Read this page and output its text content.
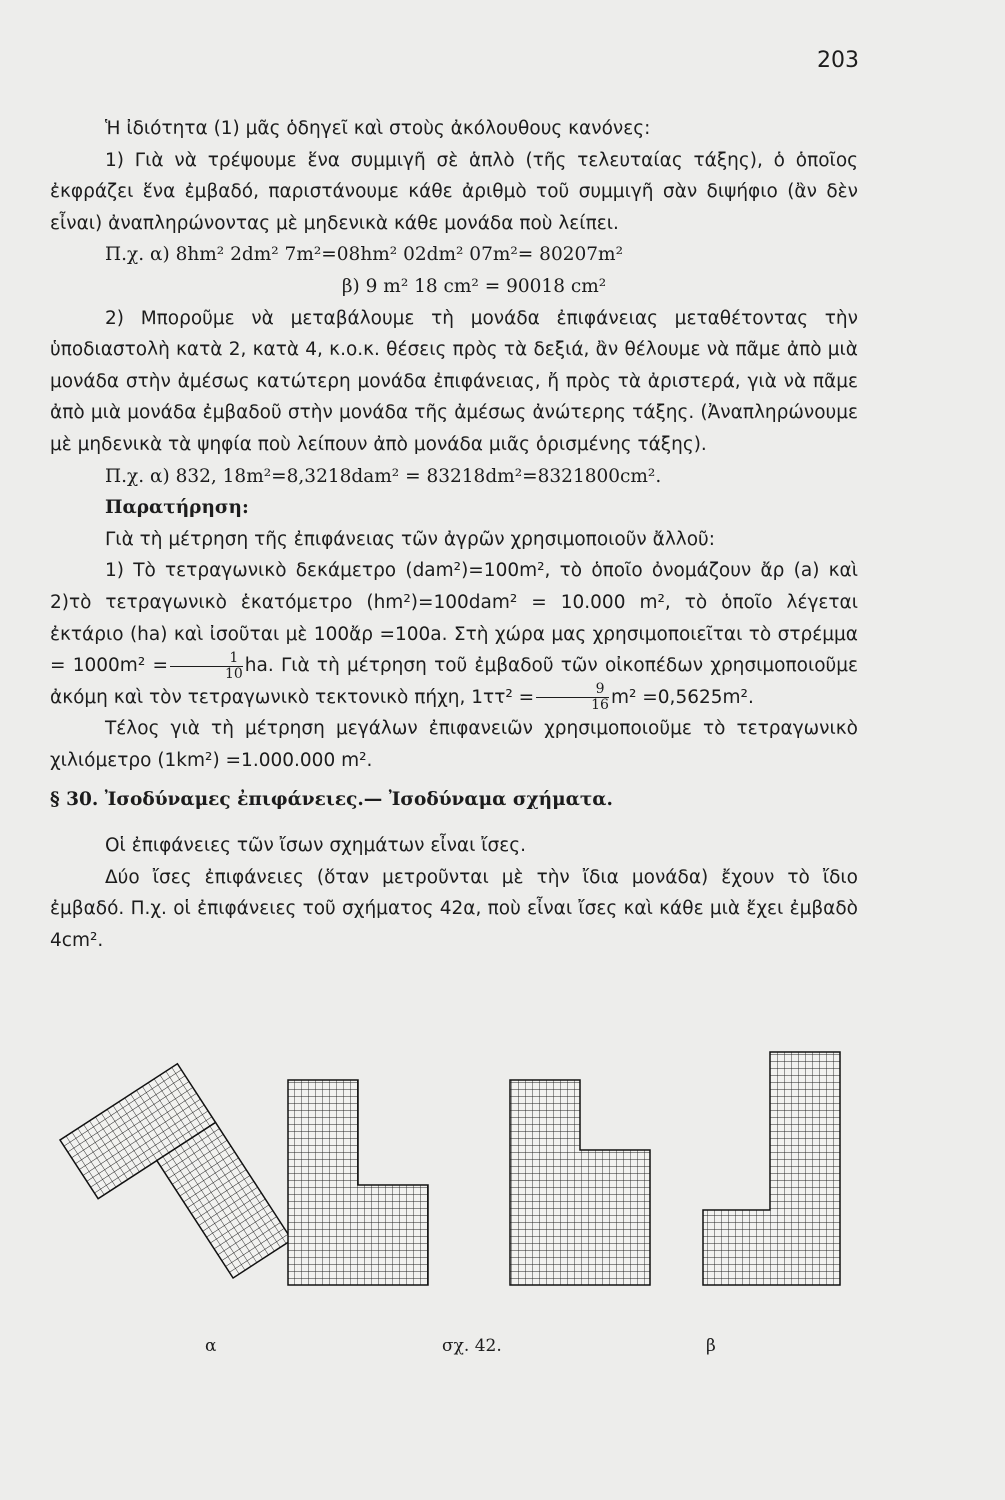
203

Ἡ ἰδιότητα (1) μᾶς ὁδηγεῖ καὶ στοὺς ἀκόλουθους κανόνες:

1) Γιὰ νὰ τρέψουμε ἕνα συμμιγῆ σὲ ἁπλὸ (τῆς τελευταίας τάξης), ὁ ὁποῖος ἐκφράζει ἕνα ἐμβαδό, παριστάνουμε κάθε ἀριθμὸ τοῦ συμμιγῆ σὰν διψήφιο (ἂν δὲν εἶναι) ἀναπληρώνοντας μὲ μηδενικὰ κάθε μονάδα ποὺ λείπει.

Π.χ. α) 8hm² 2dm² 7m²=08hm² 02dm² 07m²= 80207m²

β) 9 m² 18 cm² = 90018 cm²

2) Μποροῦμε νὰ μεταβάλουμε τὴ μονάδα ἐπιφάνειας μεταθέτοντας τὴν ὑποδιαστολὴ κατὰ 2, κατὰ 4, κ.ο.κ. θέσεις πρὸς τὰ δεξιά, ἂν θέλουμε νὰ πᾶμε ἀπὸ μιὰ μονάδα στὴν ἀμέσως κατώτερη μονάδα ἐπιφάνειας, ἤ πρὸς τὰ ἀριστερά, γιὰ νὰ πᾶμε ἀπὸ μιὰ μονάδα ἐμβαδοῦ στὴν μονάδα τῆς ἀμέσως ἀνώτερης τάξης. (Ἀναπληρώνουμε μὲ μηδενικὰ τὰ ψηφία ποὺ λείπουν ἀπὸ μονάδα μιᾶς ὁρισμένης τάξης).

Π.χ. α) 832, 18m²=8,3218dam² = 83218dm²=8321800cm².

Παρατήρηση:

Γιὰ τὴ μέτρηση τῆς ἐπιφάνειας τῶν ἀγρῶν χρησιμοποιοῦν ἄλλοῦ:

1) Τὸ τετραγωνικὸ δεκάμετρο (dam²)=100m², τὸ ὁποῖο ὀνομάζουν ἄρ (a) καὶ 2)τὸ τετραγωνικὸ ἑκατόμετρο (hm²)=100dam² = 10.000 m², τὸ ὁποῖο λέγεται ἐκτάριο (ha) καὶ ἰσοῦται μὲ 100ἄρ =100a. Στὴ χώρα μας χρησιμοποιεῖται τὸ $\sigma\tau\rho έ\mu\mu\alpha = 1000m^2 = \frac{1}{10}$ ha. Γιὰ τὴ μέτρηση τοῦ ἐμβαδοῦ τῶν οἰκοπέδων χρησιμοποιοῦμε ἀκόμη καὶ τὸν τετραγωνικὸ τεκτονικὸ πήχη, $1\tau\tau^2 = \frac{9}{16} m^2 =0,5625m^2$.

Τέλος γιὰ τὴ μέτρηση μεγάλων ἐπιφανειῶν χρησιμοποιοῦμε τὸ τετραγωνικὸ χιλιόμετρο (1km²) =1.000.000 m².

§ 30. Ἰσοδύναμες ἐπιφάνειες.— Ἰσοδύναμα σχήματα.

Οἱ ἐπιφάνειες τῶν ἴσων σχημάτων εἶναι ἴσες.

Δύο ἴσες ἐπιφάνειες (ὅταν μετροῦνται μὲ τὴν ἴδια μονάδα) ἔχουν τὸ ἴδιο ἐμβαδό. Π.χ. οἱ ἐπιφάνειες τοῦ σχήματος 42α, ποὺ εἶναι ἴσες καὶ κάθε μιὰ ἔχει ἐμβαδὸ 4cm².

α	σχ. 42.	β
